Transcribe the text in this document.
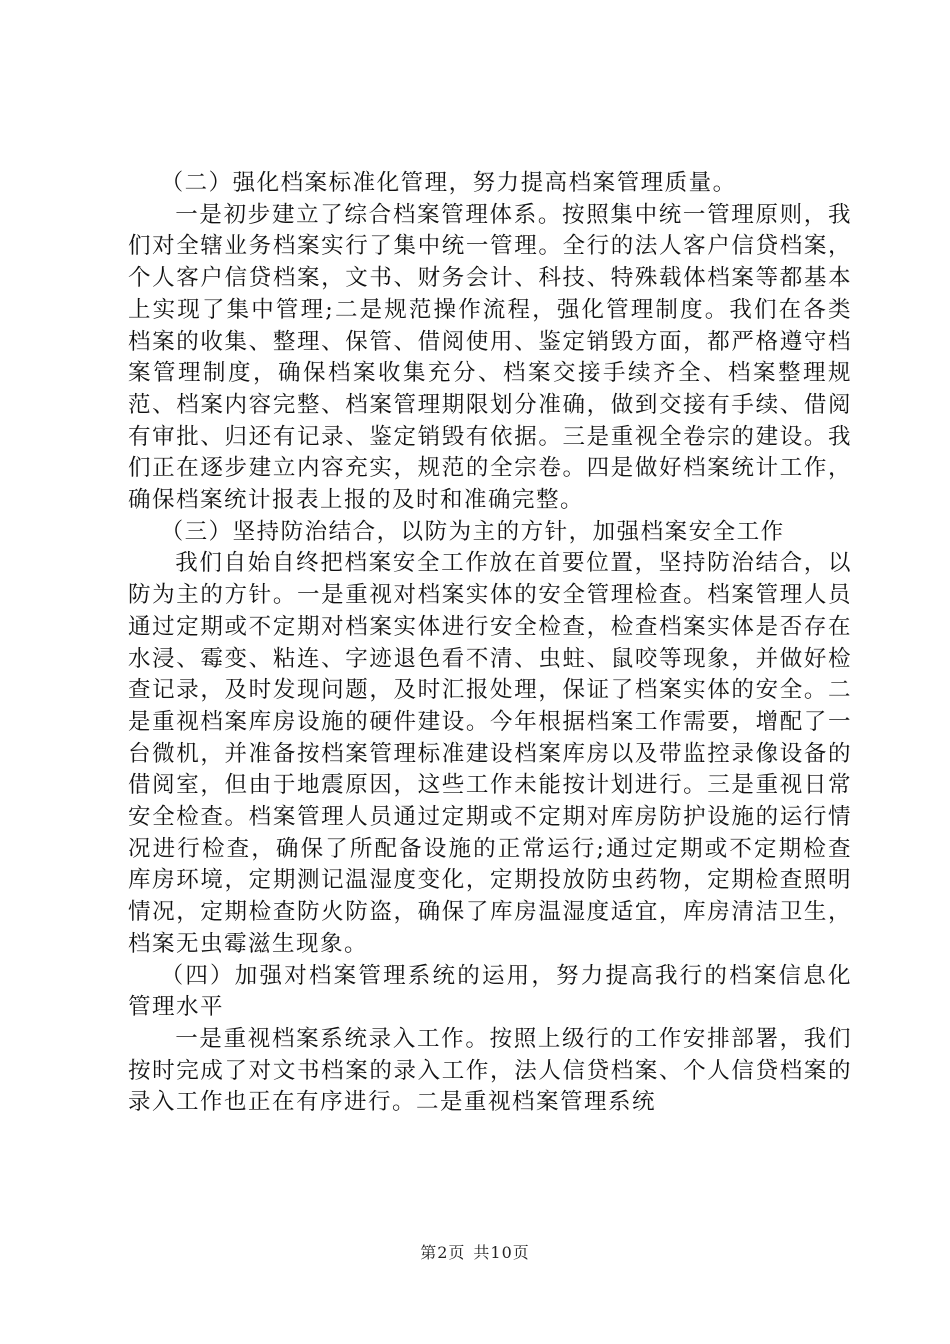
（二）强化档案标准化管理，努力提高档案管理质量。

一是初步建立了综合档案管理体系。按照集中统一管理原则，我们对全辖业务档案实行了集中统一管理。全行的法人客户信贷档案，个人客户信贷档案，文书、财务会计、科技、特殊载体档案等都基本上实现了集中管理;二是规范操作流程，强化管理制度。我们在各类档案的收集、整理、保管、借阅使用、鉴定销毁方面，都严格遵守档案管理制度，确保档案收集充分、档案交接手续齐全、档案整理规范、档案内容完整、档案管理期限划分准确，做到交接有手续、借阅有审批、归还有记录、鉴定销毁有依据。三是重视全卷宗的建设。我们正在逐步建立内容充实，规范的全宗卷。四是做好档案统计工作，确保档案统计报表上报的及时和准确完整。

（三）坚持防治结合，以防为主的方针，加强档案安全工作

我们自始自终把档案安全工作放在首要位置，坚持防治结合，以防为主的方针。一是重视对档案实体的安全管理检查。档案管理人员通过定期或不定期对档案实体进行安全检查，检查档案实体是否存在水浸、霉变、粘连、字迹退色看不清、虫蛀、鼠咬等现象，并做好检查记录，及时发现问题，及时汇报处理，保证了档案实体的安全。二是重视档案库房设施的硬件建设。今年根据档案工作需要，增配了一台微机，并准备按档案管理标准建设档案库房以及带监控录像设备的借阅室，但由于地震原因，这些工作未能按计划进行。三是重视日常安全检查。档案管理人员通过定期或不定期对库房防护设施的运行情况进行检查，确保了所配备设施的正常运行;通过定期或不定期检查库房环境，定期测记温湿度变化，定期投放防虫药物，定期检查照明情况，定期检查防火防盗，确保了库房温湿度适宜，库房清洁卫生，档案无虫霉滋生现象。

（四）加强对档案管理系统的运用，努力提高我行的档案信息化管理水平

一是重视档案系统录入工作。按照上级行的工作安排部署，我们按时完成了对文书档案的录入工作，法人信贷档案、个人信贷档案的录入工作也正在有序进行。二是重视档案管理系统

第2页 共10页
